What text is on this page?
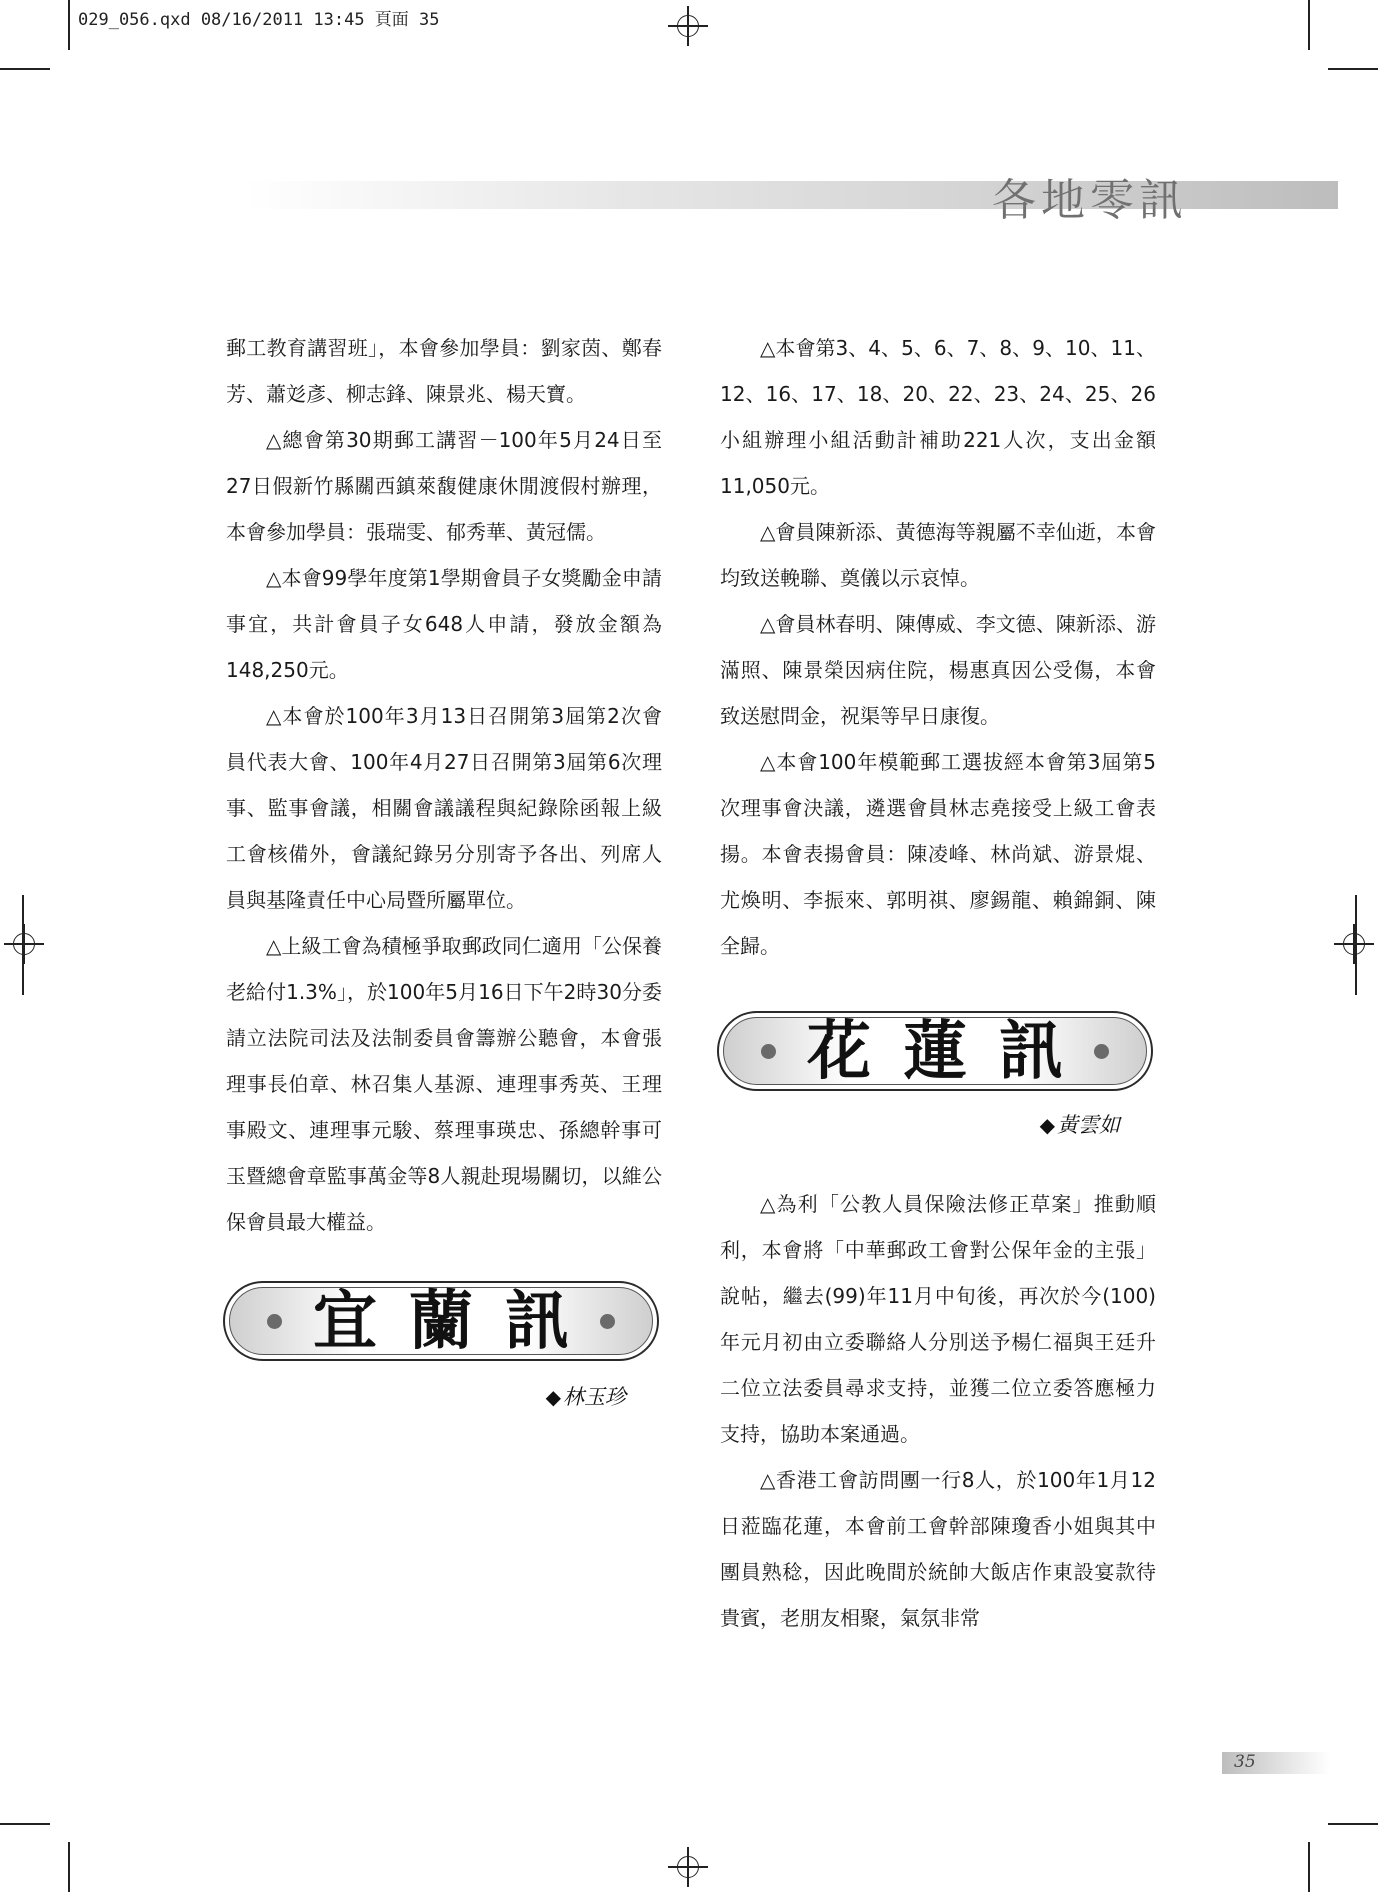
029_056.qxd 08/16/2011 13:45 頁面 35
各地零訊

郵工教育講習班」，本會參加學員：劉家茵、鄭春芳、蕭彣彥、柳志鋒、陳景兆、楊天寶。

△總會第30期郵工講習－100年5月24日至27日假新竹縣關西鎮萊馥健康休閒渡假村辦理，本會參加學員：張瑞雯、郁秀華、黃冠儒。

△本會99學年度第1學期會員子女獎勵金申請事宜，共計會員子女648人申請，發放金額為148,250元。

△本會於100年3月13日召開第3屆第2次會員代表大會、100年4月27日召開第3屆第6次理事、監事會議，相關會議議程與紀錄除函報上級工會核備外，會議紀錄另分別寄予各出、列席人員與基隆責任中心局暨所屬單位。

△上級工會為積極爭取郵政同仁適用「公保養老給付1.3%」，於100年5月16日下午2時30分委請立法院司法及法制委員會籌辦公聽會，本會張理事長伯章、林召集人基源、連理事秀英、王理事殿文、連理事元駿、蔡理事瑛忠、孫總幹事可玉暨總會章監事萬金等8人親赴現場關切，以維公保會員最大權益。

宜蘭訊
◆林玉珍

△本會第3、4、5、6、7、8、9、10、11、12、16、17、18、20、22、23、24、25、26小組辦理小組活動計補助221人次，支出金額11,050元。

△會員陳新添、黃德海等親屬不幸仙逝，本會均致送輓聯、奠儀以示哀悼。

△會員林春明、陳傳威、李文德、陳新添、游滿照、陳景榮因病住院，楊惠真因公受傷，本會致送慰問金，祝渠等早日康復。

△本會100年模範郵工選拔經本會第3屆第5次理事會決議，遴選會員林志堯接受上級工會表揚。本會表揚會員：陳凌峰、林尚斌、游景焜、尤煥明、李振來、郭明祺、廖錫龍、賴錦銅、陳全歸。

花蓮訊
◆黃雲如

△為利「公教人員保險法修正草案」推動順利，本會將「中華郵政工會對公保年金的主張」說帖，繼去(99)年11月中旬後，再次於今(100)年元月初由立委聯絡人分別送予楊仁福與王廷升二位立法委員尋求支持，並獲二位立委答應極力支持，協助本案通過。

△香港工會訪問團一行8人，於100年1月12日蒞臨花蓮，本會前工會幹部陳瓊香小姐與其中團員熟稔，因此晚間於統帥大飯店作東設宴款待貴賓，老朋友相聚，氣氛非常

35
